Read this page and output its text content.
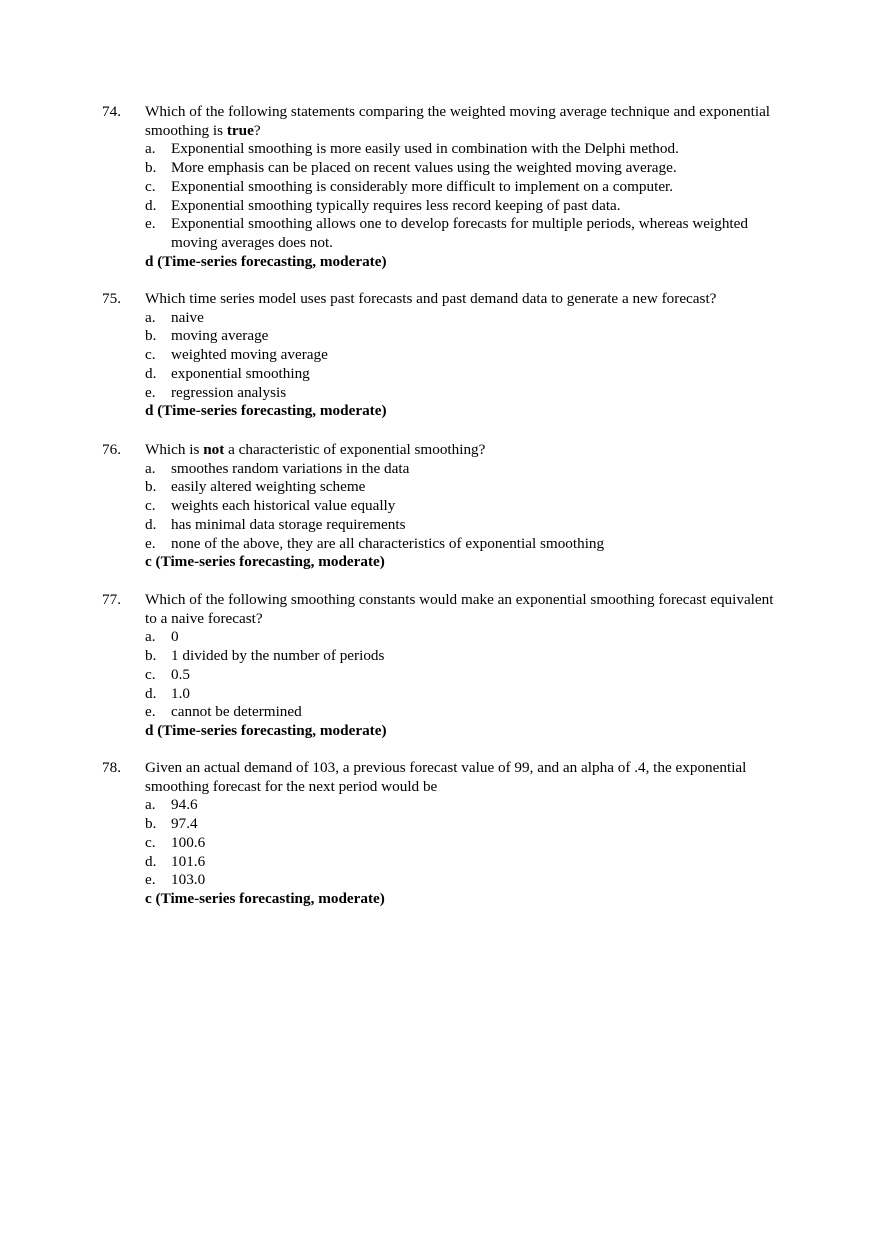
74.	Which of the following statements comparing the weighted moving average technique and exponential smoothing is true?

a. Exponential smoothing is more easily used in combination with the Delphi method.
b. More emphasis can be placed on recent values using the weighted moving average.
c. Exponential smoothing is considerably more difficult to implement on a computer.
d. Exponential smoothing typically requires less record keeping of past data.
e. Exponential smoothing allows one to develop forecasts for multiple periods, whereas weighted moving averages does not.
d (Time-series forecasting, moderate)
75.	Which time series model uses past forecasts and past demand data to generate a new forecast?

a. naive
b. moving average
c. weighted moving average
d. exponential smoothing
e. regression analysis
d (Time-series forecasting, moderate)
76.	Which is not a characteristic of exponential smoothing?

a. smoothes random variations in the data
b. easily altered weighting scheme
c. weights each historical value equally
d. has minimal data storage requirements
e. none of the above, they are all characteristics of exponential smoothing
c (Time-series forecasting, moderate)
77.	Which of the following smoothing constants would make an exponential smoothing forecast equivalent to a naive forecast?

a. 0
b. 1 divided by the number of periods
c. 0.5
d. 1.0
e. cannot be determined
d (Time-series forecasting, moderate)
78.	Given an actual demand of 103, a previous forecast value of 99, and an alpha of .4, the exponential smoothing forecast for the next period would be

a. 94.6
b. 97.4
c. 100.6
d. 101.6
e. 103.0
c (Time-series forecasting, moderate)
